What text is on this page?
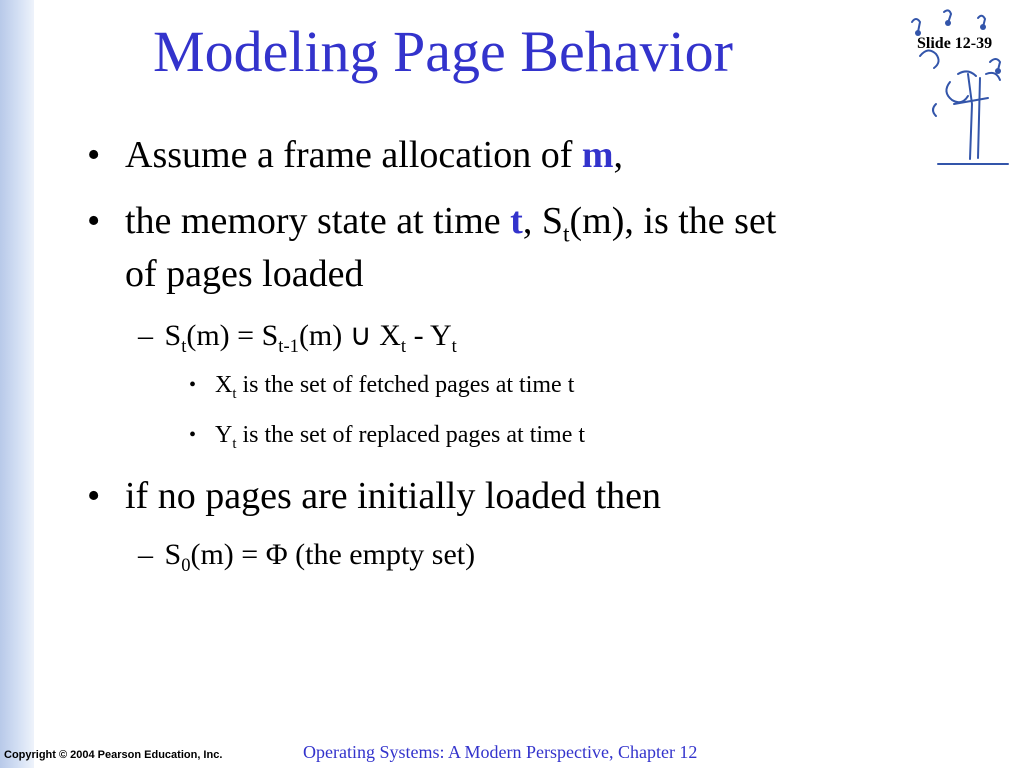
Modeling Page Behavior	Slide 12-39
• Assume a frame allocation of m,
• the memory state at time t, $S_t(m)$, is the set
of pages loaded
– $S_t(m) = S_{t-1}(m)$ ∪ $X_t - Y_t$
• $X_t$ is the set of fetched pages at time t
• $Y_t$ is the set of replaced pages at time t
• if no pages are initially loaded then
– $S_0(m) = \Phi$ (the empty set)
Copyright © 2004 Pearson Education, Inc.	Operating Systems: A Modern Perspective, Chapter 12
